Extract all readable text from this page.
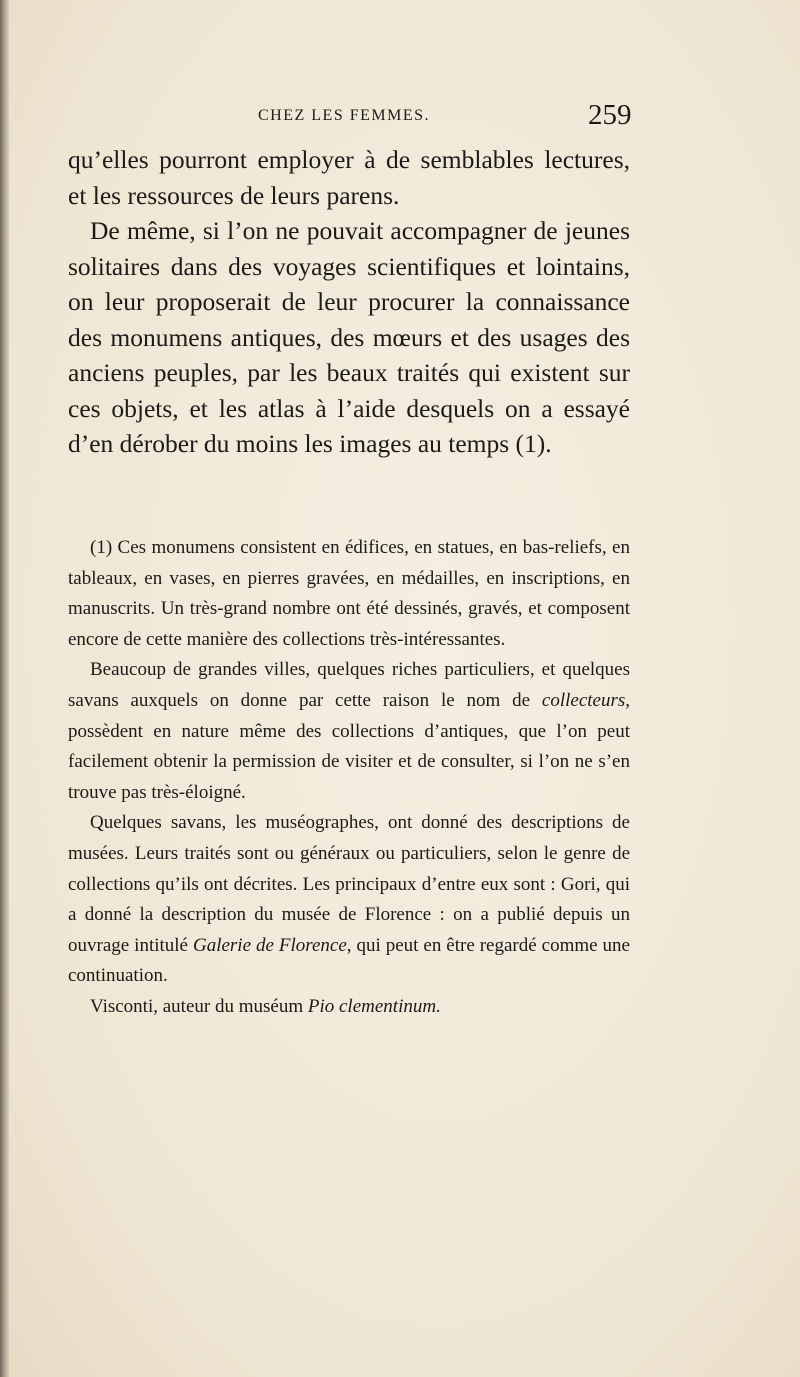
CHEZ LES FEMMES.	259

qu’elles pourront employer à de semblables lectures, et les ressources de leurs parens.

De même, si l’on ne pouvait accompagner de jeunes solitaires dans des voyages scientifiques et lointains, on leur proposerait de leur procurer la connaissance des monumens antiques, des mœurs et des usages des anciens peuples, par les beaux traités qui existent sur ces objets, et les atlas à l’aide desquels on a essayé d’en dérober du moins les images au temps (1).

(1) Ces monumens consistent en édifices, en statues, en bas-reliefs, en tableaux, en vases, en pierres gravées, en médailles, en inscriptions, en manuscrits. Un très-grand nombre ont été dessinés, gravés, et composent encore de cette manière des collections très-intéressantes.

Beaucoup de grandes villes, quelques riches particuliers, et quelques savans auxquels on donne par cette raison le nom de collecteurs, possèdent en nature même des collections d’antiques, que l’on peut facilement obtenir la permission de visiter et de consulter, si l’on ne s’en trouve pas très-éloigné.

Quelques savans, les muséographes, ont donné des descriptions de musées. Leurs traités sont ou généraux ou particuliers, selon le genre de collections qu’ils ont décrites. Les principaux d’entre eux sont : Gori, qui a donné la description du musée de Florence : on a publié depuis un ouvrage intitulé Galerie de Florence, qui peut en être regardé comme une continuation.

Visconti, auteur du muséum Pio clementinum.
